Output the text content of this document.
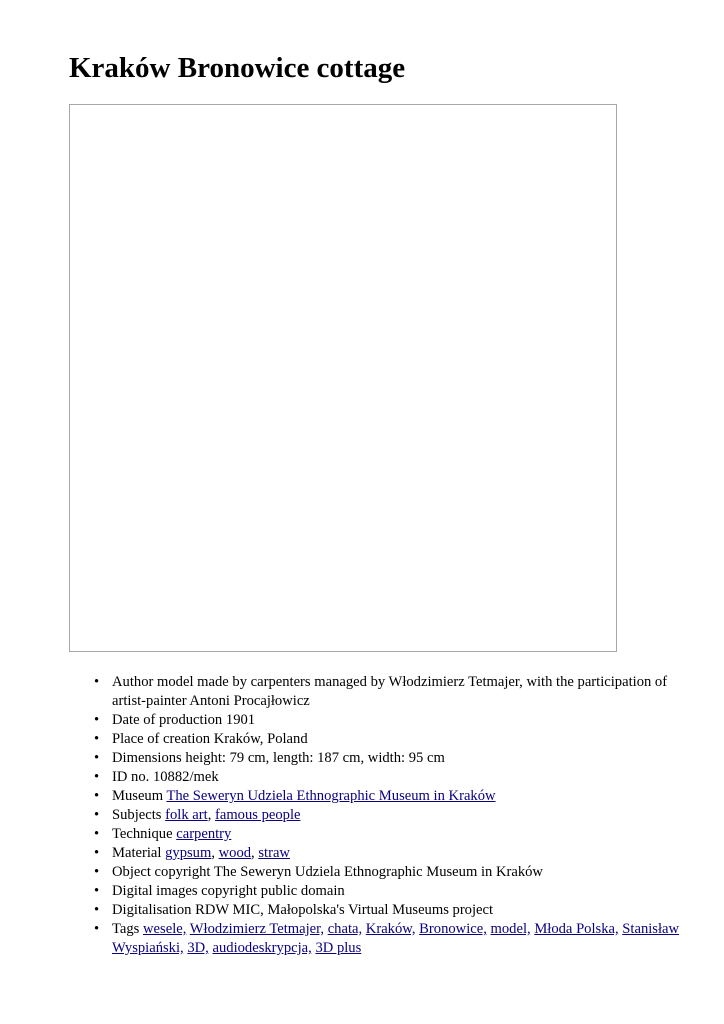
Kraków Bronowice cottage
• Author model made by carpenters managed by Włodzimierz Tetmajer, with the participation of artist-painter Antoni Procajłowicz
• Date of production 1901
• Place of creation Kraków, Poland
• Dimensions height: 79 cm, length: 187 cm, width: 95 cm
• ID no. 10882/mek
• Museum The Seweryn Udziela Ethnographic Museum in Kraków
• Subjects folk art, famous people
• Technique carpentry
• Material gypsum, wood, straw
• Object copyright The Seweryn Udziela Ethnographic Museum in Kraków
• Digital images copyright public domain
• Digitalisation RDW MIC, Małopolska's Virtual Museums project
• Tags wesele, Włodzimierz Tetmajer, chata, Kraków, Bronowice, model, Młoda Polska, Stanisław Wyspiański, 3D, audiodeskrypcja, 3D plus
